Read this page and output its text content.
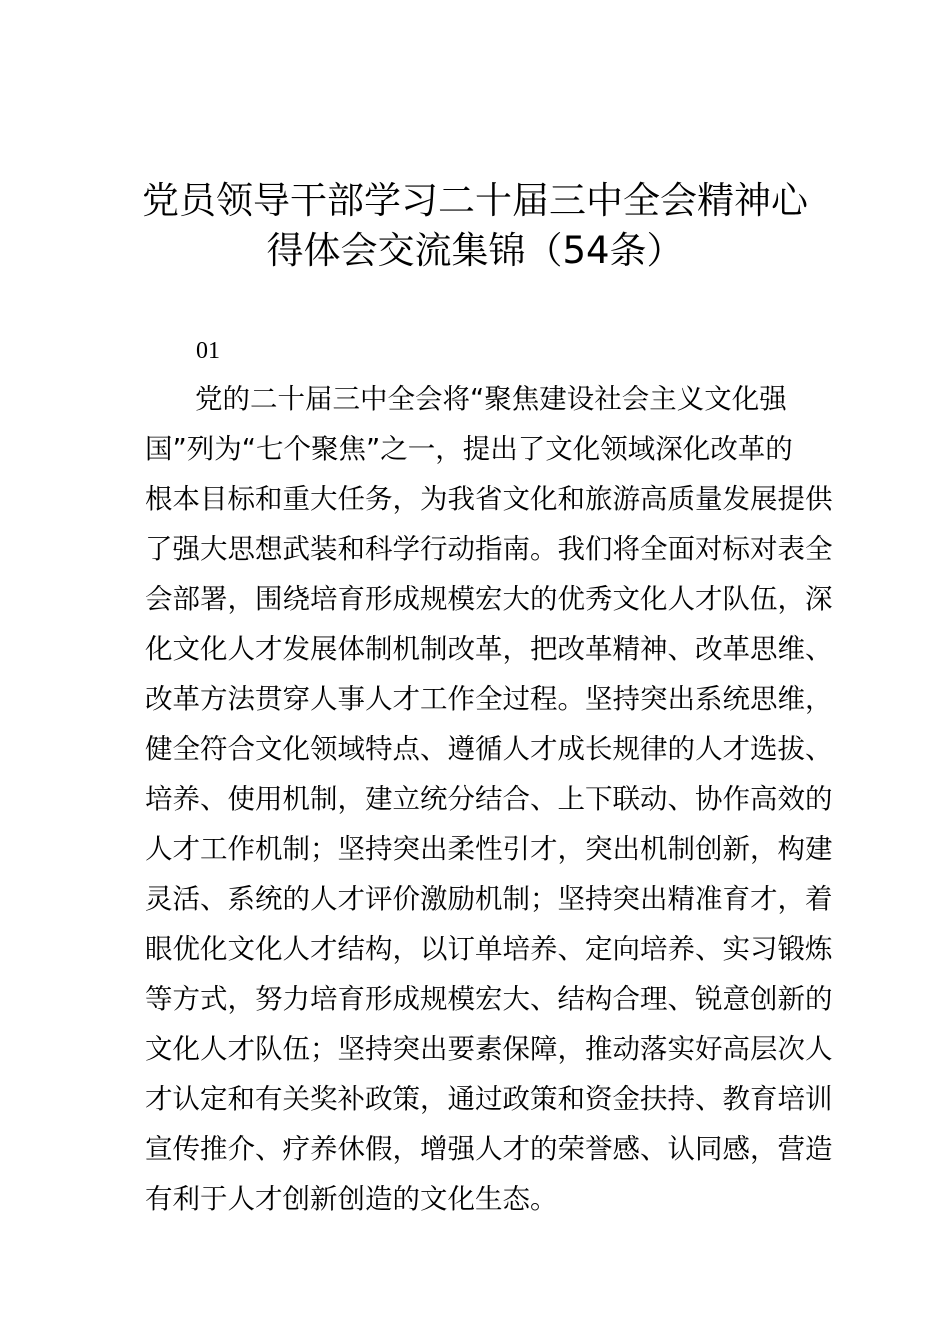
党员领导干部学习二十届三中全会精神心
得体会交流集锦（54条）
01
党的二十届三中全会将“聚焦建设社会主义文化强
国”列为“七个聚焦”之一，提出了文化领域深化改革的
根本目标和重大任务，为我省文化和旅游高质量发展提供
了强大思想武装和科学行动指南。我们将全面对标对表全
会部署，围绕培育形成规模宏大的优秀文化人才队伍，深
化文化人才发展体制机制改革，把改革精神、改革思维、
改革方法贯穿人事人才工作全过程。坚持突出系统思维，
健全符合文化领域特点、遵循人才成长规律的人才选拔、
培养、使用机制，建立统分结合、上下联动、协作高效的
人才工作机制；坚持突出柔性引才，突出机制创新，构建
灵活、系统的人才评价激励机制；坚持突出精准育才，着
眼优化文化人才结构，以订单培养、定向培养、实习锻炼
等方式，努力培育形成规模宏大、结构合理、锐意创新的
文化人才队伍；坚持突出要素保障，推动落实好高层次人
才认定和有关奖补政策，通过政策和资金扶持、教育培训
宣传推介、疗养休假，增强人才的荣誉感、认同感，营造
有利于人才创新创造的文化生态。
